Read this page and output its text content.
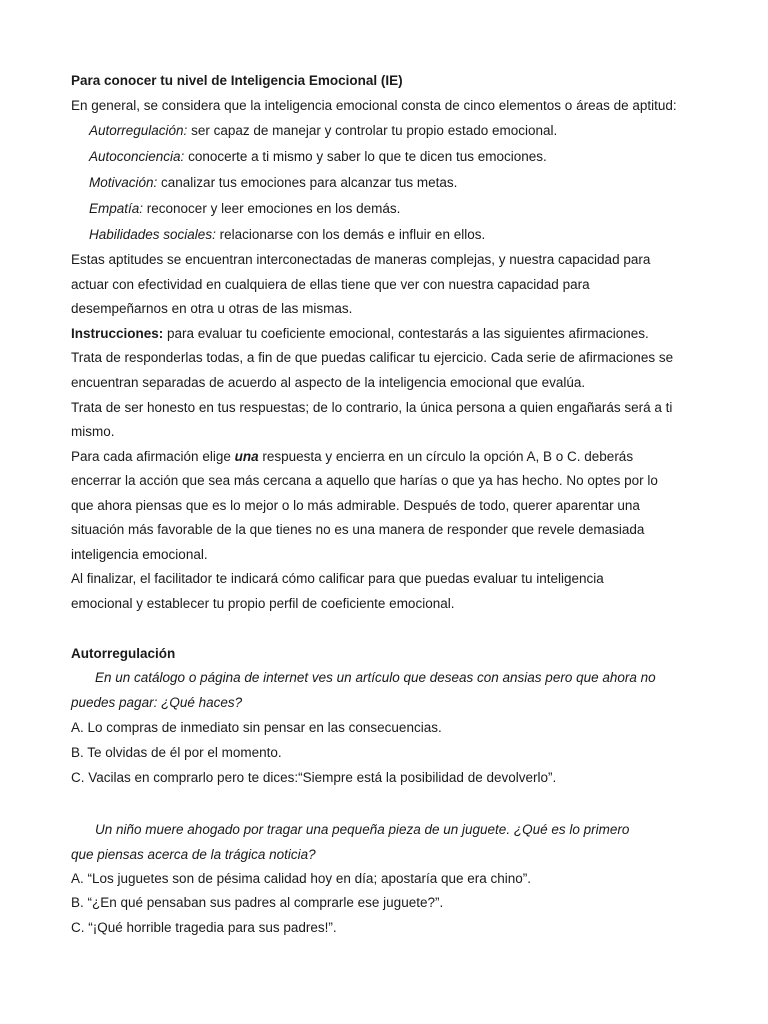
Para conocer tu nivel de Inteligencia Emocional (IE)
En general, se considera que la inteligencia emocional consta de cinco elementos o áreas de aptitud:
Autorregulación: ser capaz de manejar y controlar tu propio estado emocional.
Autoconciencia: conocerte a ti mismo y saber lo que te dicen tus emociones.
Motivación: canalizar tus emociones para alcanzar tus metas.
Empatía: reconocer y leer emociones en los demás.
Habilidades sociales: relacionarse con los demás e influir en ellos.
Estas aptitudes se encuentran interconectadas de maneras complejas, y nuestra capacidad para
actuar con efectividad en cualquiera de ellas tiene que ver con nuestra capacidad para
desempeñarnos en otra u otras de las mismas.
Instrucciones: para evaluar tu coeficiente emocional, contestarás a las siguientes afirmaciones.
Trata de responderlas todas, a fin de que puedas calificar tu ejercicio. Cada serie de afirmaciones se
encuentran separadas de acuerdo al aspecto de la inteligencia emocional que evalúa.
Trata de ser honesto en tus respuestas; de lo contrario, la única persona a quien engañarás será a ti
mismo.
Para cada afirmación elige una respuesta y encierra en un círculo la opción A, B o C. deberás
encerrar la acción que sea más cercana a aquello que harías o que ya has hecho. No optes por lo
que ahora piensas que es lo mejor o lo más admirable. Después de todo, querer aparentar una
situación más favorable de la que tienes no es una manera de responder que revele demasiada
inteligencia emocional.
Al finalizar, el facilitador te indicará cómo calificar para que puedas evaluar tu inteligencia
emocional y establecer tu propio perfil de coeficiente emocional.
Autorregulación
En un catálogo o página de internet ves un artículo que deseas con ansias pero que ahora no
puedes pagar: ¿Qué haces?
A. Lo compras de inmediato sin pensar en las consecuencias.
B. Te olvidas de él por el momento.
C. Vacilas en comprarlo pero te dices:“Siempre está la posibilidad de devolverlo”.
Un niño muere ahogado por tragar una pequeña pieza de un juguete. ¿Qué es lo primero
que piensas acerca de la trágica noticia?
A. “Los juguetes son de pésima calidad hoy en día; apostaría que era chino”.
B. “¿En qué pensaban sus padres al comprarle ese juguete?”.
C. “¡Qué horrible tragedia para sus padres!”.
